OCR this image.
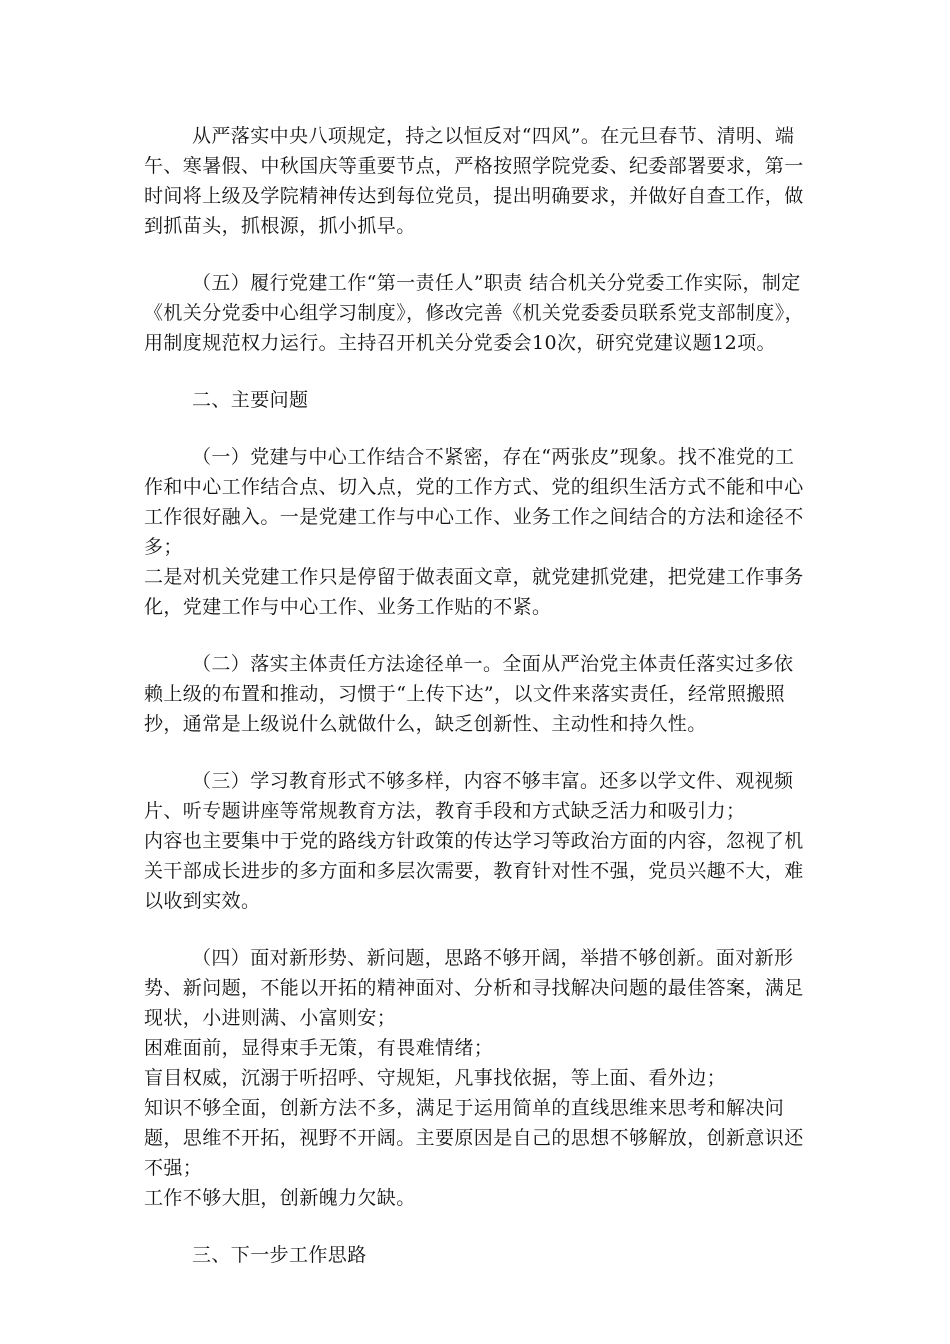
从严落实中央八项规定，持之以恒反对“四风”。在元旦春节、清明、端午、寒暑假、中秋国庆等重要节点，严格按照学院党委、纪委部署要求，第一时间将上级及学院精神传达到每位党员，提出明确要求，并做好自查工作，做到抓苗头，抓根源，抓小抓早。

（五）履行党建工作“第一责任人”职责 结合机关分党委工作实际，制定《机关分党委中心组学习制度》，修改完善《机关党委委员联系党支部制度》，用制度规范权力运行。主持召开机关分党委会10次，研究党建议题12项。

二、主要问题

（一）党建与中心工作结合不紧密，存在“两张皮”现象。找不准党的工作和中心工作结合点、切入点，党的工作方式、党的组织生活方式不能和中心工作很好融入。一是党建工作与中心工作、业务工作之间结合的方法和途径不多；

二是对机关党建工作只是停留于做表面文章，就党建抓党建，把党建工作事务化，党建工作与中心工作、业务工作贴的不紧。

（二）落实主体责任方法途径单一。全面从严治党主体责任落实过多依赖上级的布置和推动，习惯于“上传下达”，以文件来落实责任，经常照搬照抄，通常是上级说什么就做什么，缺乏创新性、主动性和持久性。

（三）学习教育形式不够多样，内容不够丰富。还多以学文件、观视频片、听专题讲座等常规教育方法，教育手段和方式缺乏活力和吸引力；

内容也主要集中于党的路线方针政策的传达学习等政治方面的内容，忽视了机关干部成长进步的多方面和多层次需要，教育针对性不强，党员兴趣不大，难以收到实效。

（四）面对新形势、新问题，思路不够开阔，举措不够创新。面对新形势、新问题，不能以开拓的精神面对、分析和寻找解决问题的最佳答案，满足现状，小进则满、小富则安；

困难面前，显得束手无策，有畏难情绪；

盲目权威，沉溺于听招呼、守规矩，凡事找依据，等上面、看外边；

知识不够全面，创新方法不多，满足于运用简单的直线思维来思考和解决问题，思维不开拓，视野不开阔。主要原因是自己的思想不够解放，创新意识还不强；

工作不够大胆，创新魄力欠缺。

三、下一步工作思路
